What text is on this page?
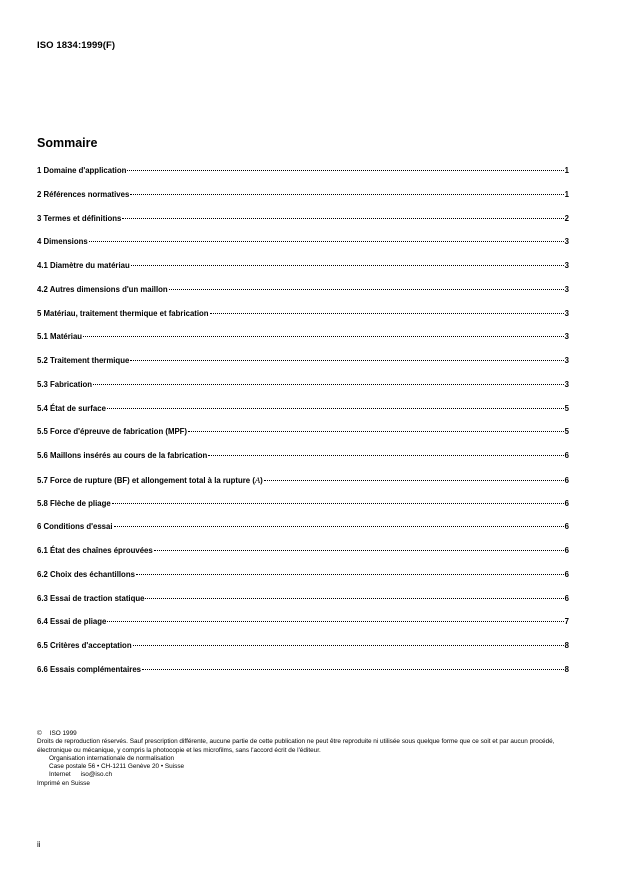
ISO 1834:1999(F)
Sommaire
1 Domaine d'application	1
2 Références normatives	1
3 Termes et définitions	2
4 Dimensions	3
4.1 Diamètre du matériau	3
4.2 Autres dimensions d'un maillon	3
5 Matériau, traitement thermique et fabrication	3
5.1 Matériau	3
5.2 Traitement thermique	3
5.3 Fabrication	3
5.4 État de surface	5
5.5 Force d'épreuve de fabrication (MPF)	5
5.6 Maillons insérés au cours de la fabrication	6
5.7 Force de rupture (BF) et allongement total à la rupture (A)	6
5.8 Flèche de pliage	6
6 Conditions d'essai	6
6.1 État des chaînes éprouvées	6
6.2 Choix des échantillons	6
6.3 Essai de traction statique	6
6.4 Essai de pliage	7
6.5 Critères d'acceptation	8
6.6 Essais complémentaires	8
© ISO 1999
Droits de reproduction réservés. Sauf prescription différente, aucune partie de cette publication ne peut être reproduite ni utilisée sous quelque forme que ce soit et par aucun procédé, électronique ou mécanique, y compris la photocopie et les microfilms, sans l'accord écrit de l'éditeur.
Organisation internationale de normalisation
Case postale 56 • CH-1211 Genève 20 • Suisse
Internet iso@iso.ch
Imprimé en Suisse
ii
